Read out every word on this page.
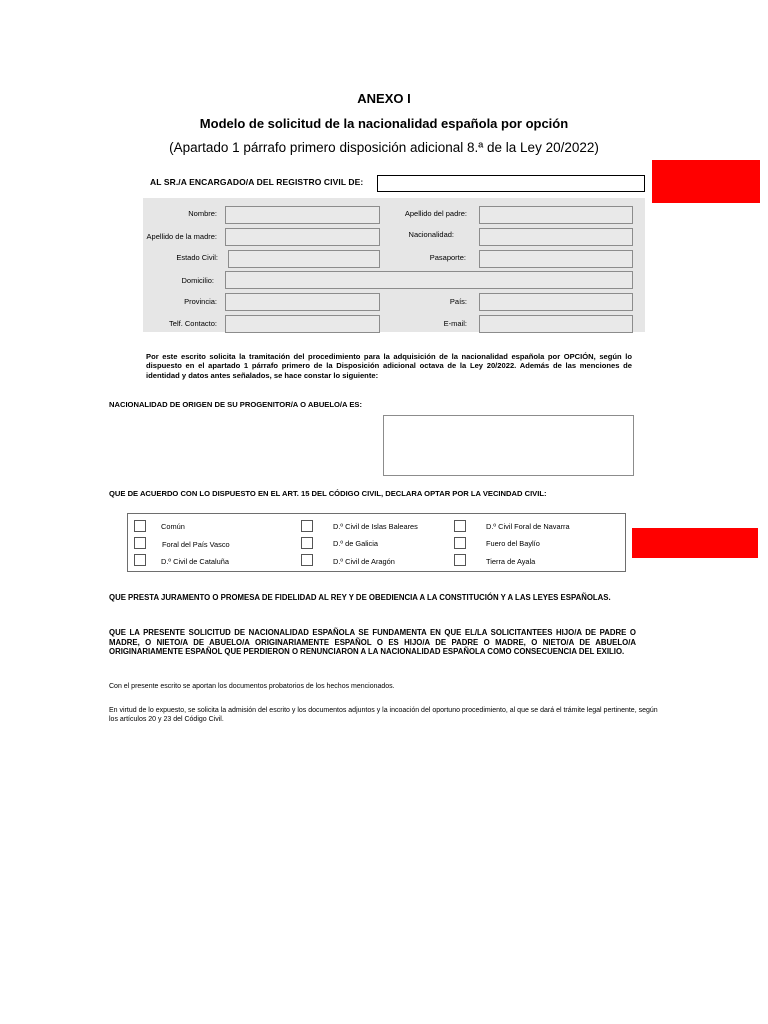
ANEXO I
Modelo de solicitud de la nacionalidad española por opción
(Apartado 1 párrafo primero disposición adicional 8.ª de la Ley 20/2022)
AL SR./A ENCARGADO/A DEL REGISTRO CIVIL DE:
Nombre:	Apellido del padre:
Apellido de la madre:	Nacionalidad:
Estado Civil:	Pasaporte:
Domicilio:
Provincia:	País:
Telf. Contacto:	E-mail:
Por este escrito solicita la tramitación del procedimiento para la adquisición de la nacionalidad española por OPCIÓN, según lo dispuesto en el apartado 1 párrafo primero de la Disposición adicional octava de la Ley 20/2022. Además de las menciones de identidad y datos antes señalados, se hace constar lo siguiente:
NACIONALIDAD DE ORIGEN DE SU PROGENITOR/A O ABUELO/A ES:
QUE DE ACUERDO CON LO DISPUESTO EN EL ART. 15 DEL CÓDIGO CIVIL, DECLARA OPTAR POR LA VECINDAD CIVIL:
Común	D.º Civil de Islas Baleares	D.º Civil Foral de Navarra
Foral del País Vasco	D.º de Galicia	Fuero del Baylío
D.º Civil de Cataluña	D.º Civil de Aragón	Tierra de Ayala
QUE PRESTA JURAMENTO O PROMESA DE FIDELIDAD AL REY Y DE OBEDIENCIA A LA CONSTITUCIÓN Y A LAS LEYES ESPAÑOLAS.
QUE LA PRESENTE SOLICITUD DE NACIONALIDAD ESPAÑOLA SE FUNDAMENTA EN QUE EL/LA SOLICITANTEES HIJO/A DE PADRE O MADRE, O NIETO/A DE ABUELO/A ORIGINARIAMENTE ESPAÑOL O ES HIJO/A DE PADRE O MADRE, O NIETO/A DE ABUELO/A ORIGINARIAMENTE ESPAÑOL QUE PERDIERON O RENUNCIARON A LA NACIONALIDAD ESPAÑOLA COMO CONSECUENCIA DEL EXILIO.
Con el presente escrito se aportan los documentos probatorios de los hechos mencionados.
En virtud de lo expuesto, se solicita la admisión del escrito y los documentos adjuntos y la incoación del oportuno procedimiento, al que se dará el trámite legal pertinente, según los artículos 20 y 23 del Código Civil.
